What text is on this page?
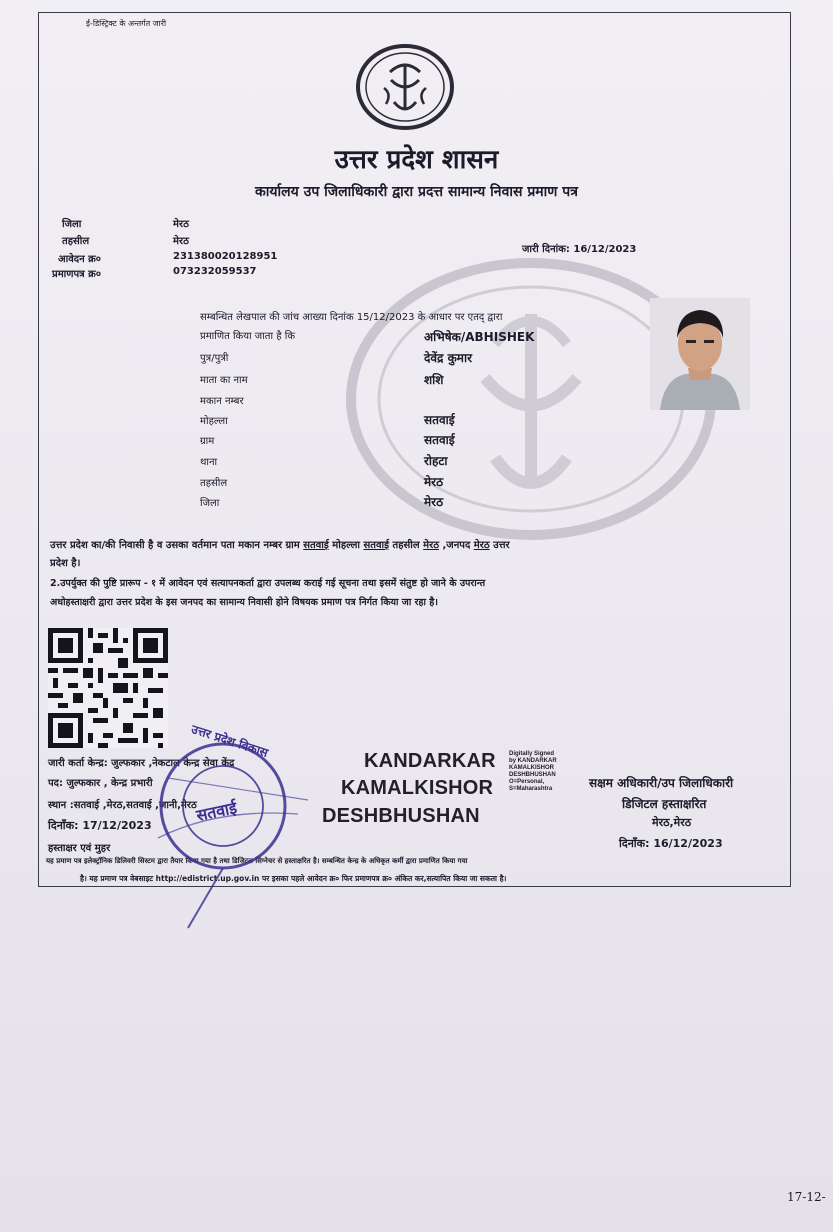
ई-डिस्ट्रिक्ट के अन्तर्गत जारी
उत्तर प्रदेश शासन
कार्यालय उप जिलाधिकारी द्वारा प्रदत्त सामान्य निवास प्रमाण पत्र
जिला	मेरठ
तहसील	मेरठ
आवेदन क्र०	231380020128951
प्रमाणपत्र क्र०	073232059537
जारी दिनांक: 16/12/2023
सम्बन्धित लेखपाल की जांच आख्या दिनांक 15/12/2023 के आधार पर एतद् द्वारा
प्रमाणित किया जाता है कि	अभिषेक/ABHISHEK
पुत्र/पुत्री	देवेंद्र कुमार
माता का नाम	शशि
मकान नम्बर
मोहल्ला	सतवाई
ग्राम	सतवाई
थाना	रोहटा
तहसील	मेरठ
जिला	मेरठ
उत्तर प्रदेश का/की निवासी है व उसका वर्तमान पता मकान नम्बर ग्राम सतवाई मोहल्ला सतवाई तहसील मेरठ ,जनपद मेरठ उत्तर
प्रदेश है।
2.उपर्युक्त की पुष्टि प्रारूप - १ में आवेदन एवं सत्यापनकर्ता द्वारा उपलब्ध कराई गई सूचना तथा इसमें संतुष्ट हो जाने के उपरान्त
अधोहस्ताक्षरी द्वारा उत्तर प्रदेश के इस जनपद का सामान्य निवासी होने विषयक प्रमाण पत्र निर्गत किया जा रहा है।
जारी कर्ता केन्द्र: जुल्फकार ,नेकटाल केन्द्र सेवा केंद्र
पद: जुल्फकार , केन्द्र प्रभारी
स्थान :सतवाई ,मेरठ,सतवाई ,जानी,मेरठ
दिनाँक: 17/12/2023
हस्ताक्षर एवं मुहर
KANDARKAR
KAMALKISHOR
DESHBHUSHAN
Digitally Signed
by KANDARKAR
KAMALKISHOR
DESHBHUSHAN
O=Personal,
S=Maharashtra	सक्षम अधिकारी/उप जिलाधिकारी
डिजिटल हस्ताक्षरित
मेरठ,मेरठ
दिनाँक: 16/12/2023
यह प्रमाण पत्र इलेक्ट्रॉनिक डिलिवरी सिस्टम द्वारा तैयार किया गया है तथा डिजिटल सिग्नेचर से हस्ताक्षरित है। सम्बन्धित केन्द्र के अधिकृत कर्मी द्वारा प्रमाणित किया गया
है। यह प्रमाण पत्र वेबसाइट http://edistrict.up.gov.in पर इसका पहले आवेदन क्र० फिर प्रमाणपत्र क्र० अंकित कर,सत्यापित किया जा सकता है।
उत्तर प्रदेश विकास
सतवाई
17-12-
